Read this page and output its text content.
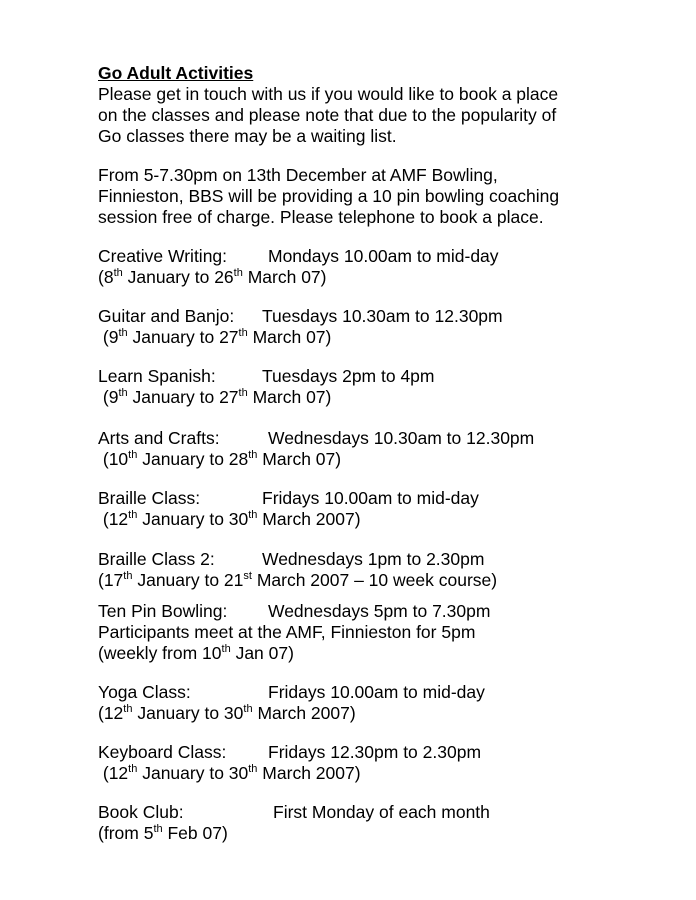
Go Adult Activities

Please get in touch with us if you would like to book a place
on the classes and please note that due to the popularity of
Go classes there may be a waiting list.
From 5-7.30pm on 13th December at AMF Bowling,
Finnieston, BBS will be providing a 10 pin bowling coaching
session free of charge. Please telephone to book a place.

Creative Writing:

Mondays 10.00am to mid-day

(8th January to 26th March 07)

Guitar and Banjo:

Tuesdays 10.30am to 12.30pm

(9th January to 27th March 07)

Learn Spanish:

	Tuesdays 2pm to 4pm

(9th January to 27th March 07)

Arts and Crafts:

	Wednesdays 10.30am to 12.30pm

(10th January to 28th March 07)

Braille Class:

	Fridays 10.00am to mid-day

(12th January to 30th March 2007)

Braille Class 2:

	Wednesdays 1pm to 2.30pm

(17th January to 21st March 2007 – 10 week course)

Ten Pin Bowling:

Wednesdays 5pm to 7.30pm

Participants meet at the AMF, Finnieston for 5pm
(weekly from 10th Jan 07)

Yoga Class:

	Fridays 10.00am to mid-day

(12th January to 30th March 2007)

Keyboard Class:

Fridays 12.30pm to 2.30pm

(12th January to 30th March 2007)

Book Club:

	First Monday of each month

(from 5th Feb 07)
